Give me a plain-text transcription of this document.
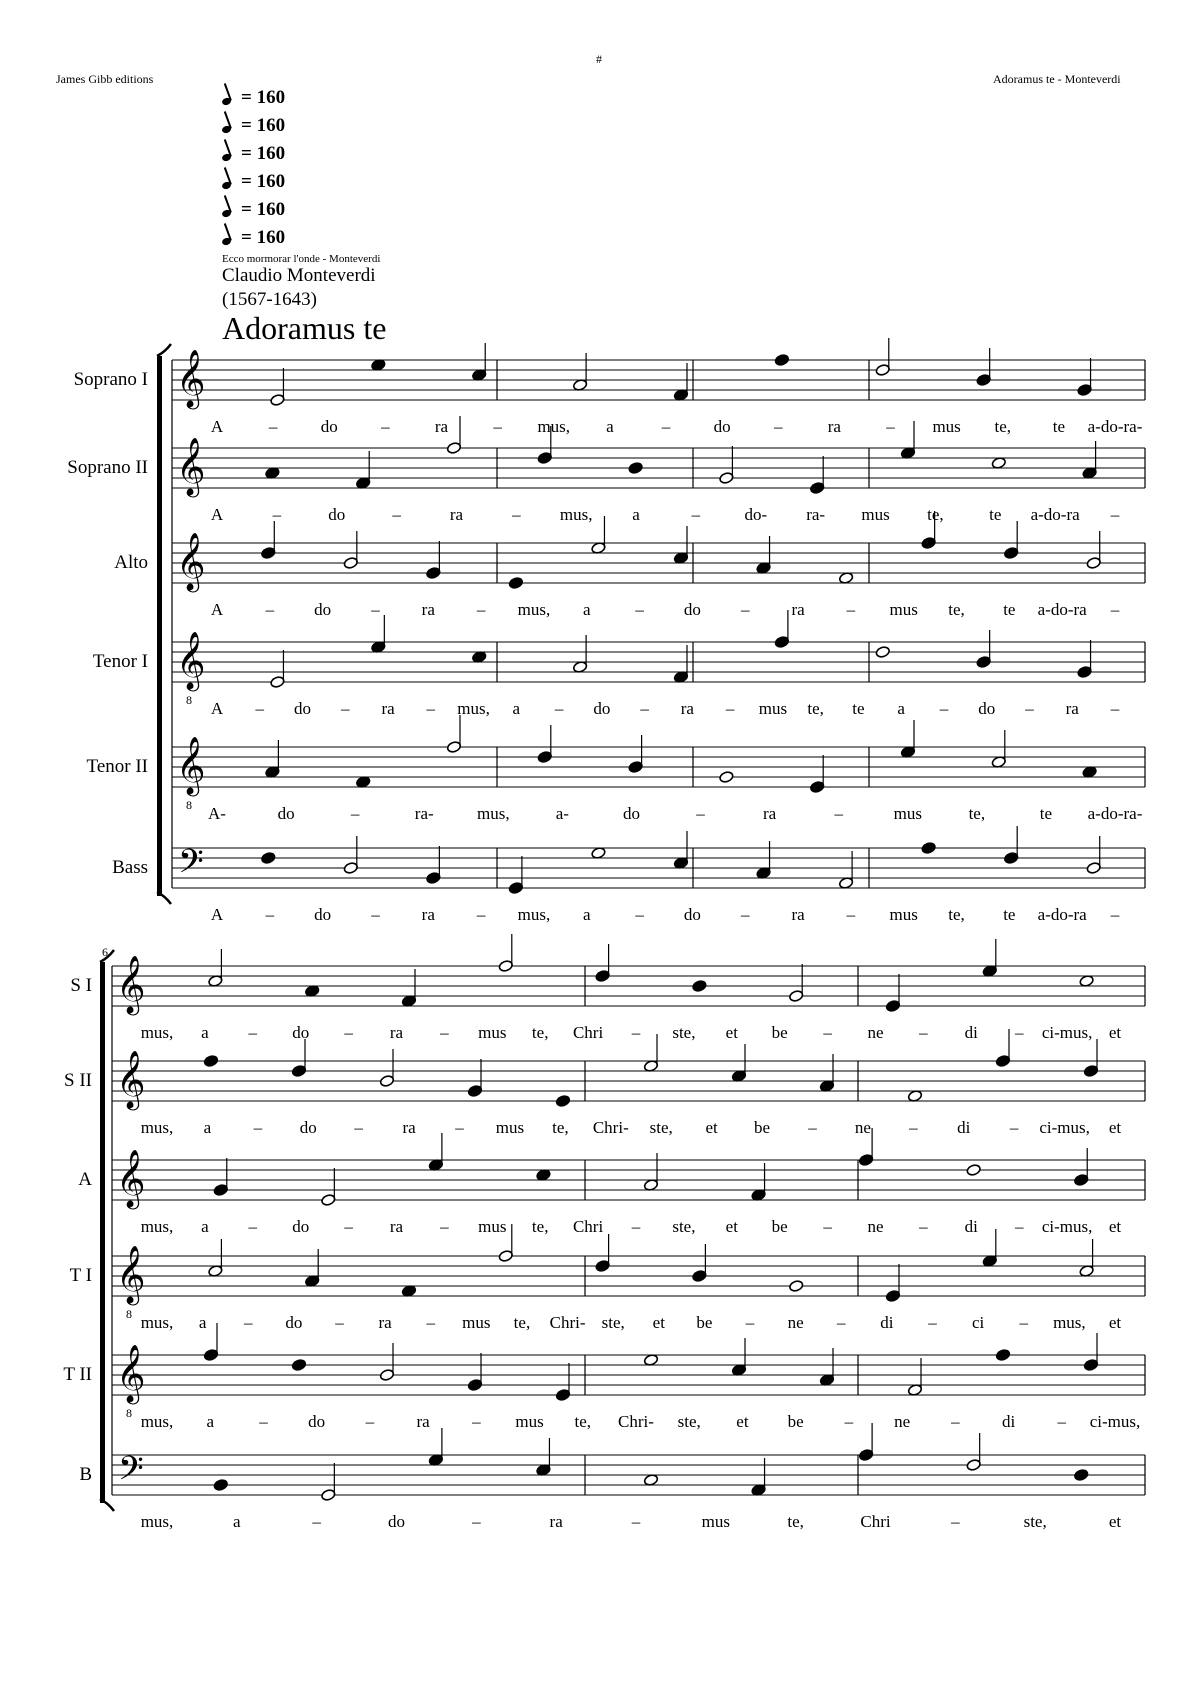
#
James Gibb editions	Adoramus te - Monteverdi
= 160
= 160
= 160
= 160
= 160
= 160
Ecco mormorar l'onde - Monteverdi
Claudio Monteverdi
(1567-1643)
Adoramus te
6
Soprano I 𝄞
A	–	do	–	ra	– mus, a	–	do	–	ra	– mus te, te a-do-ra-
Soprano II 𝄞
A	–	do	–	ra	– mus, a	–	do- ra- mus te,	te a-do-ra –
Alto 𝄞
A – do – ra – mus, a	– do – ra – mus te, te a-do-ra –
Tenor I 𝄞
8 A – do – ra – mus, a – do – ra – mus te, te a – do – ra –
Tenor II 𝄞
8 A-	do	–	ra-	mus,	a-	do	–	ra	–	mus	te,	te a-do-ra-
Bass 𝄢
A – do – ra – mus, a	– do – ra – mus te, te a-do-ra –
S I 𝄞
mus, a – do – ra – mus te, Chri – ste, et be – ne – di – ci-mus, et
S II 𝄞
mus, a – do – ra – mus te, Chri- ste, et be – ne – di – ci-mus, et
A 𝄞
mus, a – do – ra – mus te, Chri – ste, et be – ne – di – ci-mus, et
T I 𝄞
8 mus, a – do – ra – mus te, Chri- ste, et be – ne – di – ci – mus, et
T II 𝄞
8 mus, a	– do – ra – mus te, Chri- ste, et be – ne – di – ci-mus,
B 𝄢
mus,	a	–	do	–	ra	–	mus	te,	Chri	–	ste,	et
